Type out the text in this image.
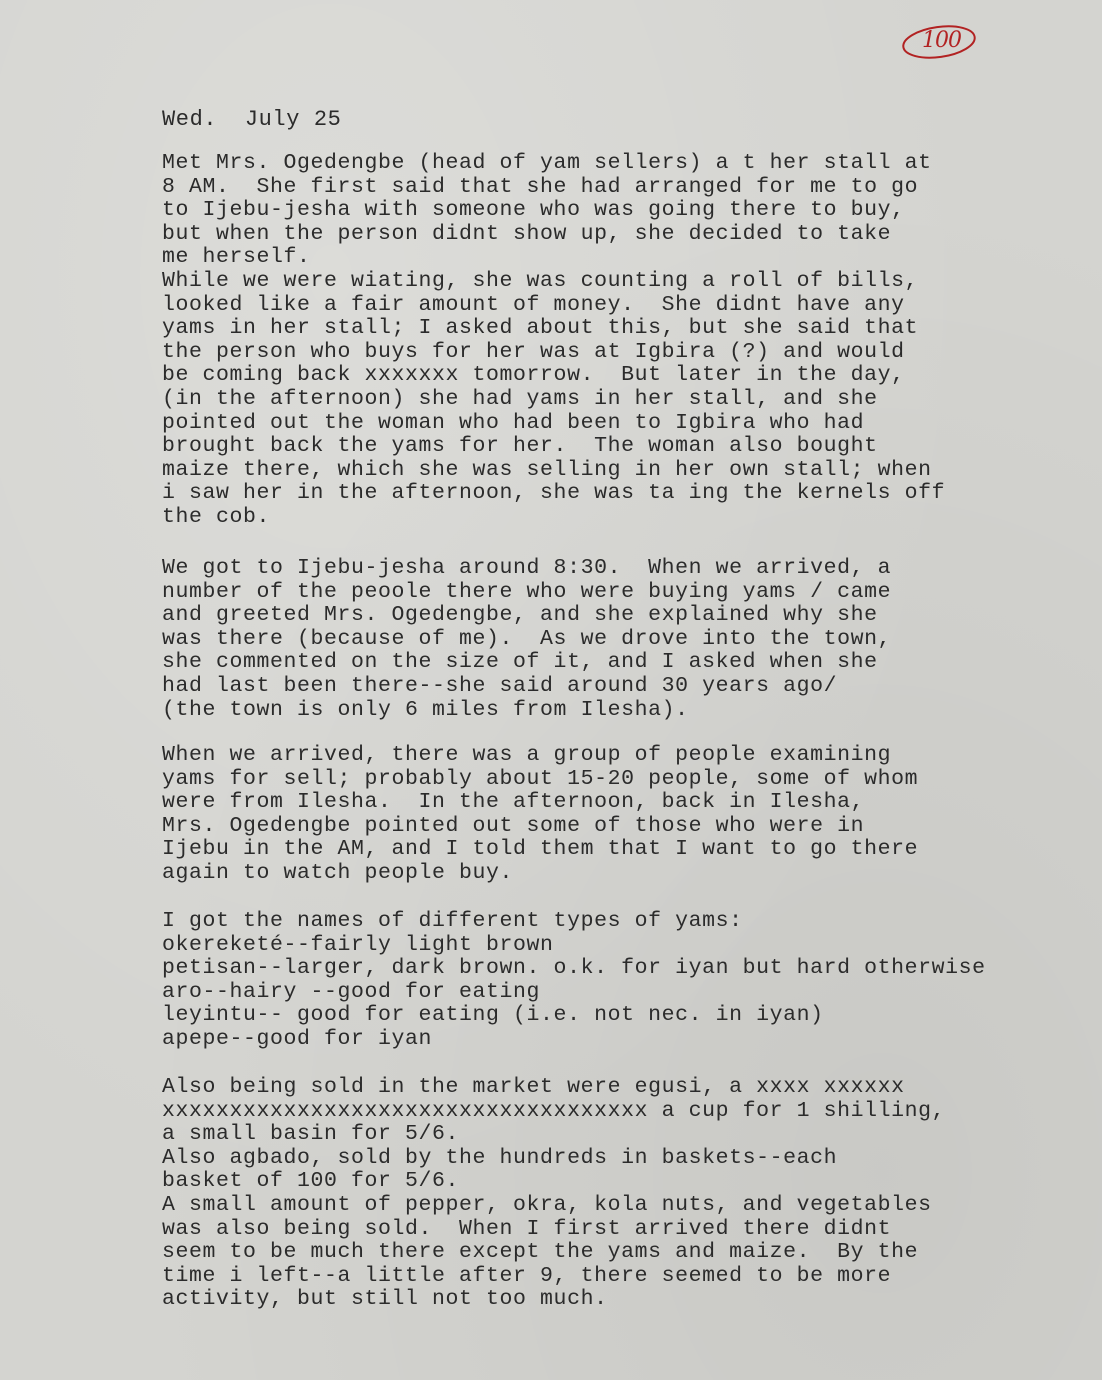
100
Wed.  July 25
Met Mrs. Ogedengbe (head of yam sellers) a t her stall at
8 AM.  She first said that she had arranged for me to go
to Ijebu-jesha with someone who was going there to buy,
but when the person didnt show up, she decided to take
me herself.
While we were wiating, she was counting a roll of bills,
looked like a fair amount of money.  She didnt have any
yams in her stall; I asked about this, but she said that
the person who buys for her was at Igbira (?) and would
be coming back xxxxxxx tomorrow.  But later in the day,
(in the afternoon) she had yams in her stall, and she
pointed out the woman who had been to Igbira who had
brought back the yams for her.  The woman also bought
maize there, which she was selling in her own stall; when
i saw her in the afternoon, she was ta ing the kernels off
the cob.
We got to Ijebu-jesha around 8:30.  When we arrived, a
number of the peoole there who were buying yams / came
and greeted Mrs. Ogedengbe, and she explained why she
was there (because of me).  As we drove into the town,
she commented on the size of it, and I asked when she
had last been there--she said around 30 years ago/
(the town is only 6 miles from Ilesha).
When we arrived, there was a group of people examining
yams for sell; probably about 15-20 people, some of whom
were from Ilesha.  In the afternoon, back in Ilesha,
Mrs. Ogedengbe pointed out some of those who were in
Ijebu in the AM, and I told them that I want to go there
again to watch people buy.
I got the names of different types of yams:
okereketé--fairly light brown
petisan--larger, dark brown. o.k. for iyan but hard otherwise
aro--hairy --good for eating
leyintu-- good for eating (i.e. not nec. in iyan)
apepe--good for iyan
Also being sold in the market were egusi, a xxxx xxxxxx
xxxxxxxxxxxxxxxxxxxxxxxxxxxxxxxxxxxx a cup for 1 shilling,
a small basin for 5/6.
Also agbado, sold by the hundreds in baskets--each
basket of 100 for 5/6.
A small amount of pepper, okra, kola nuts, and vegetables
was also being sold.  When I first arrived there didnt
seem to be much there except the yams and maize.  By the
time i left--a little after 9, there seemed to be more
activity, but still not too much.
